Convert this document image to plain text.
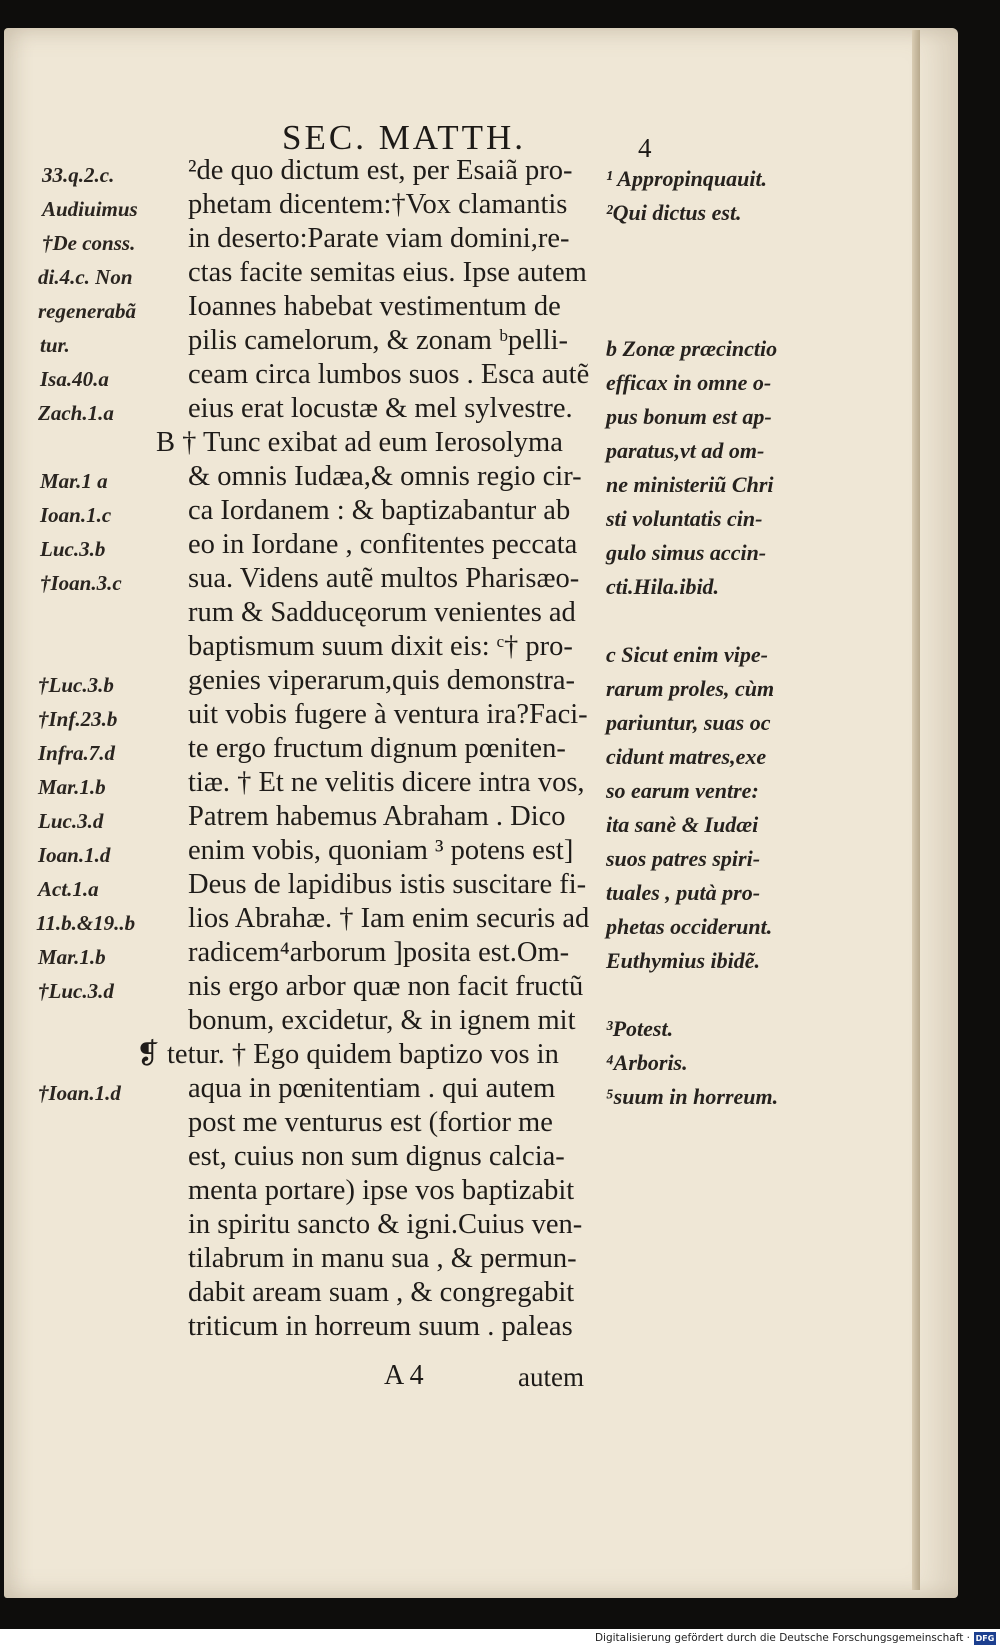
SEC. MATTH.	4
²de quo dictum est, per Esaiã pro-
phetam dicentem:†Vox clamantis
in deserto:Parate viam domini,re-
ctas facite semitas eius. Ipse autem
Ioannes habebat vestimentum de
pilis camelorum, & zonam ᵇpelli-
ceam circa lumbos suos . Esca autẽ
eius erat locustæ & mel sylvestre.
B † Tunc exibat ad eum Ierosolyma
& omnis Iudæa,& omnis regio cir-
ca Iordanem : & baptizabantur ab
eo in Iordane , confitentes peccata
sua. Videns autẽ multos Pharisæo-
rum & Sadducęorum venientes ad
baptismum suum dixit eis: ᶜ† pro-
genies viperarum,quis demonstra-
uit vobis fugere à ventura ira?Faci-
te ergo fructum dignum pœniten-
tiæ. † Et ne velitis dicere intra vos,
Patrem habemus Abraham . Dico
enim vobis, quoniam ³ potens est]
Deus de lapidibus istis suscitare fi-
lios Abrahæ. † Iam enim securis ad
radicem⁴arborum ]posita est.Om-
nis ergo arbor quæ non facit fructũ
bonum, excidetur, & in ignem mit
❡ tetur. † Ego quidem baptizo vos in
aqua in pœnitentiam . qui autem
post me venturus est (fortior me
est, cuius non sum dignus calcia-
menta portare) ipse vos baptizabit
in spiritu sancto & igni.Cuius ven-
tilabrum in manu sua , & permun-
dabit aream suam , & congregabit
triticum in horreum suum . paleas
33.q.2.c.
Audiuimus
†De conss.
di.4.c. Non
regenerabã
tur.
Isa.40.a
Zach.1.a
Mar.1 a
Ioan.1.c
Luc.3.b
†Ioan.3.c
†Luc.3.b
†Inf.23.b
Infra.7.d
Mar.1.b
Luc.3.d
Ioan.1.d
Act.1.a
11.b.&19..b
Mar.1.b
†Luc.3.d
†Ioan.1.d
¹ Appropinquauit.
²Qui dictus est.
b Zonæ præcinctio
efficax in omne o-
pus bonum est ap-
paratus,vt ad om-
ne ministeriũ Chri
sti voluntatis cin-
gulo simus accin-
cti.Hila.ibid.
c Sicut enim vipe-
rarum proles, cùm
pariuntur, suas oc
cidunt matres,exe
so earum ventre:
ita sanè & Iudæi
suos patres spiri-
tuales , putà pro-
phetas occiderunt.
Euthymius ibidẽ.
³Potest.
⁴Arboris.
⁵suum in horreum.
A 4	autem
Digitalisierung gefördert durch die Deutsche Forschungsgemeinschaft · DFG
